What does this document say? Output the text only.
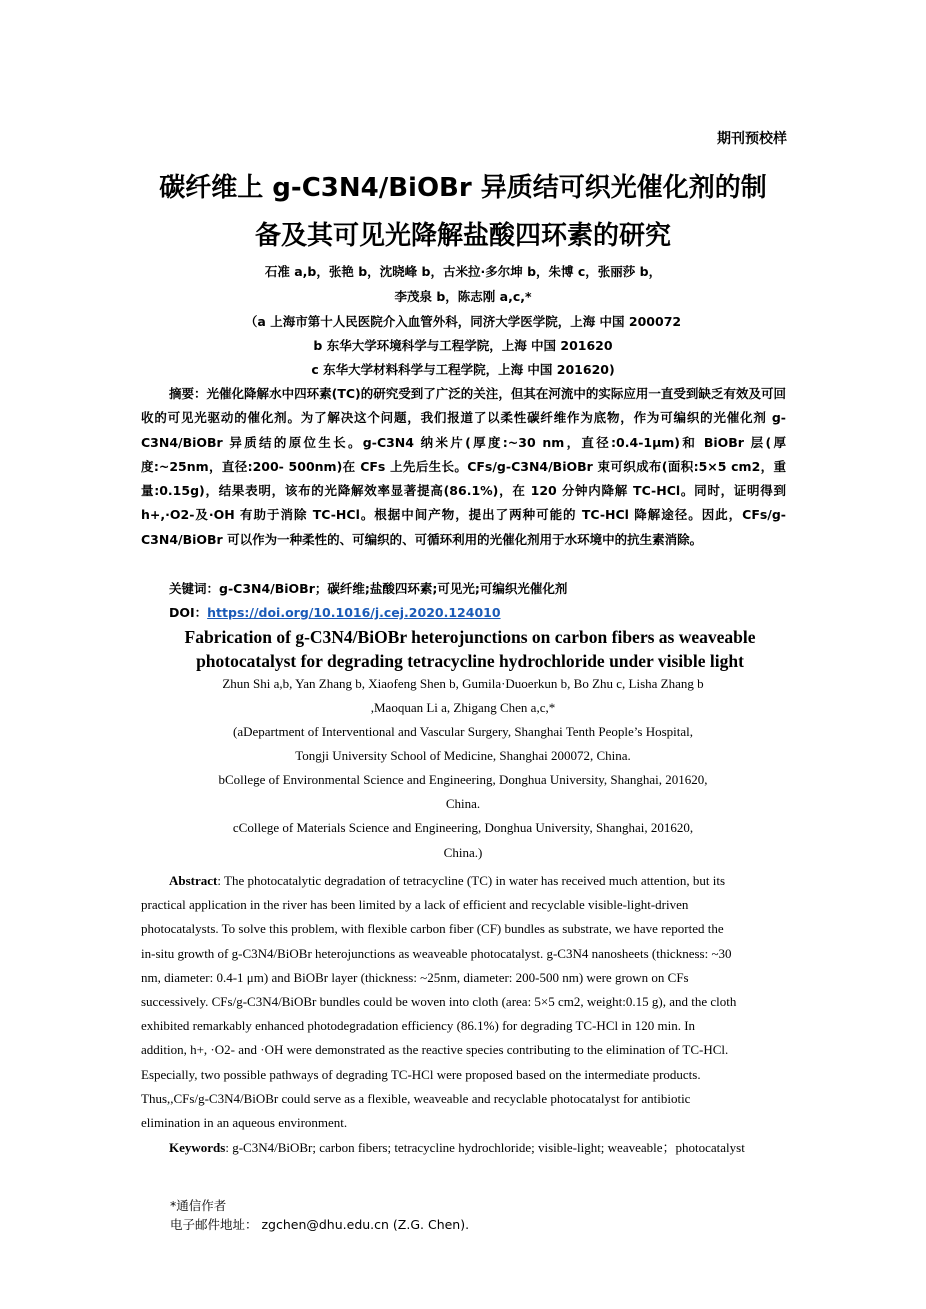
期刊预校样
碳纤维上 g-C3N4/BiOBr 异质结可织光催化剂的制
备及其可见光降解盐酸四环素的研究
石准 a,b，张艳 b，沈晓峰 b，古米拉·多尔坤 b，朱博 c，张丽莎 b，
李茂泉 b，陈志刚 a,c,*
（a 上海市第十人民医院介入血管外科，同济大学医学院，上海 中国 200072
b 东华大学环境科学与工程学院，上海 中国 201620
c 东华大学材料科学与工程学院，上海 中国 201620)

摘要：光催化降解水中四环素(TC)的研究受到了广泛的关注，但其在河流中的实际应用一直受到缺乏有效及可回收的可见光驱动的催化剂。为了解决这个问题，我们报道了以柔性碳纤维作为底物，作为可编织的光催化剂 g-C3N4/BiOBr 异质结的原位生长。g-C3N4 纳米片(厚度:~30 nm，直径:0.4-1μm)和 BiOBr 层(厚度:~25nm，直径:200- 500nm)在 CFs 上先后生长。CFs/g-C3N4/BiOBr 束可织成布(面积:5×5 cm2，重量:0.15g)，结果表明，该布的光降解效率显著提高(86.1%)，在 120 分钟内降解 TC-HCl。同时，证明得到 h+,·O2-及·OH 有助于消除 TC-HCl。根据中间产物，提出了两种可能的 TC-HCl 降解途径。因此，CFs/g-C3N4/BiOBr 可以作为一种柔性的、可编织的、可循环利用的光催化剂用于水环境中的抗生素消除。

关键词：g-C3N4/BiOBr；碳纤维;盐酸四环素;可见光;可编织光催化剂
DOI：https://doi.org/10.1016/j.cej.2020.124010
Fabrication of g-C3N4/BiOBr heterojunctions on carbon fibers as weaveable
photocatalyst for degrading tetracycline hydrochloride under visible light
Zhun Shi a,b, Yan Zhang b, Xiaofeng Shen b, Gumila·Duoerkun b, Bo Zhu c, Lisha Zhang b
,Maoquan Li a, Zhigang Chen a,c,*
(aDepartment of Interventional and Vascular Surgery, Shanghai Tenth People’s Hospital,
Tongji University School of Medicine, Shanghai 200072, China.
bCollege of Environmental Science and Engineering, Donghua University, Shanghai, 201620,
China.
cCollege of Materials Science and Engineering, Donghua University, Shanghai, 201620,
China.)
Abstract: The photocatalytic degradation of tetracycline (TC) in water has received much attention, but its
practical application in the river has been limited by a lack of efficient and recyclable visible-light-driven
photocatalysts. To solve this problem, with flexible carbon fiber (CF) bundles as substrate, we have reported the
in-situ growth of g-C3N4/BiOBr heterojunctions as weaveable photocatalyst. g-C3N4 nanosheets (thickness: ~30
nm, diameter: 0.4-1 μm) and BiOBr layer (thickness: ~25nm, diameter: 200-500 nm) were grown on CFs
successively. CFs/g-C3N4/BiOBr bundles could be woven into cloth (area: 5×5 cm2, weight:0.15 g), and the cloth
exhibited remarkably enhanced photodegradation efficiency (86.1%) for degrading TC-HCl in 120 min. In
addition, h+, ·O2- and ·OH were demonstrated as the reactive species contributing to the elimination of TC-HCl.
Especially, two possible pathways of degrading TC-HCl were proposed based on the intermediate products.
Thus,,CFs/g-C3N4/BiOBr could serve as a flexible, weaveable and recyclable photocatalyst for antibiotic
elimination in an aqueous environment.
Keywords: g-C3N4/BiOBr; carbon fibers; tetracycline hydrochloride; visible-light; weaveable；photocatalyst
*通信作者
电子邮件地址： zgchen@dhu.edu.cn (Z.G. Chen).
